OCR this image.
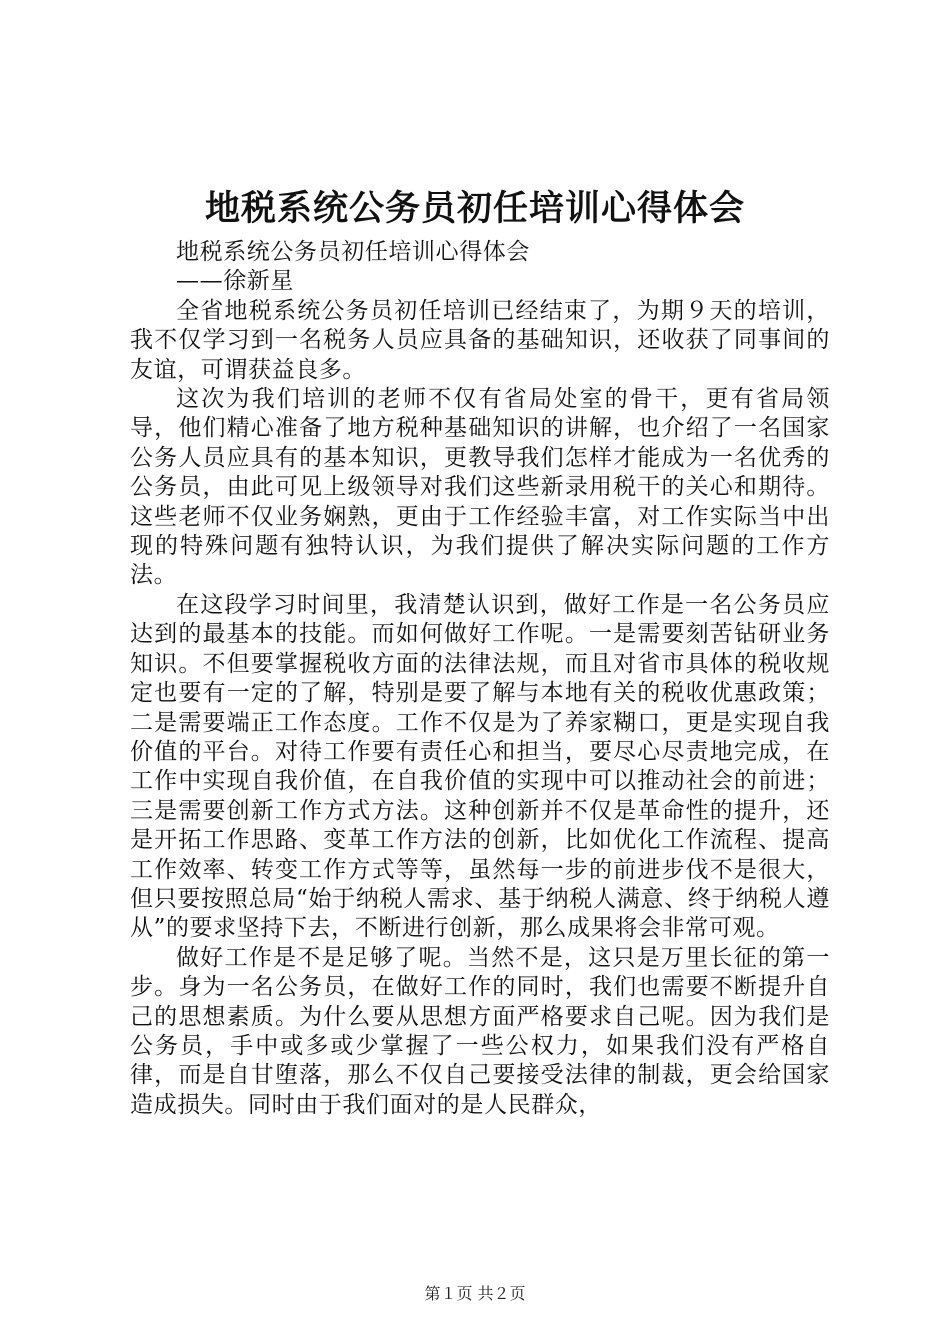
地税系统公务员初任培训心得体会

地税系统公务员初任培训心得体会

——徐新星

全省地税系统公务员初任培训已经结束了，为期９天的培训，我不仅学习到一名税务人员应具备的基础知识，还收获了同事间的友谊，可谓获益良多。

这次为我们培训的老师不仅有省局处室的骨干，更有省局领导，他们精心准备了地方税种基础知识的讲解，也介绍了一名国家公务人员应具有的基本知识，更教导我们怎样才能成为一名优秀的公务员，由此可见上级领导对我们这些新录用税干的关心和期待。这些老师不仅业务娴熟，更由于工作经验丰富，对工作实际当中出现的特殊问题有独特认识，为我们提供了解决实际问题的工作方法。

在这段学习时间里，我清楚认识到，做好工作是一名公务员应达到的最基本的技能。而如何做好工作呢。一是需要刻苦钻研业务知识。不但要掌握税收方面的法律法规，而且对省市具体的税收规定也要有一定的了解，特别是要了解与本地有关的税收优惠政策；二是需要端正工作态度。工作不仅是为了养家糊口，更是实现自我价值的平台。对待工作要有责任心和担当，要尽心尽责地完成，在工作中实现自我价值，在自我价值的实现中可以推动社会的前进；三是需要创新工作方式方法。这种创新并不仅是革命性的提升，还是开拓工作思路、变革工作方法的创新，比如优化工作流程、提高工作效率、转变工作方式等等，虽然每一步的前进步伐不是很大，但只要按照总局“始于纳税人需求、基于纳税人满意、终于纳税人遵从”的要求坚持下去，不断进行创新，那么成果将会非常可观。

做好工作是不是足够了呢。当然不是，这只是万里长征的第一步。身为一名公务员，在做好工作的同时，我们也需要不断提升自己的思想素质。为什么要从思想方面严格要求自己呢。因为我们是公务员，手中或多或少掌握了一些公权力，如果我们没有严格自律，而是自甘堕落，那么不仅自己要接受法律的制裁，更会给国家造成损失。同时由于我们面对的是人民群众，

第１页 共２页
